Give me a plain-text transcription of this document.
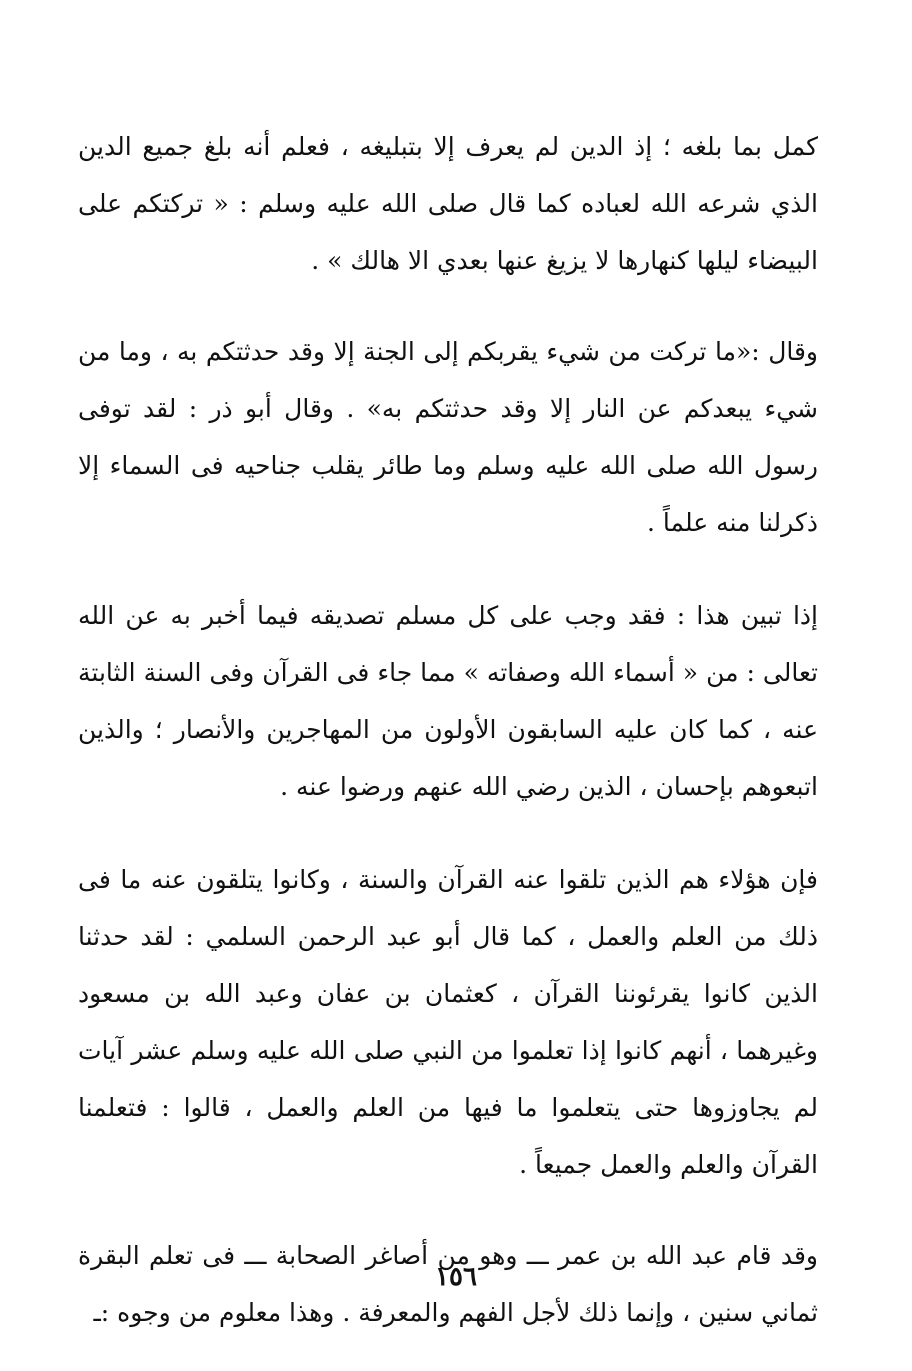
كمل بما بلغه ؛ إذ الدين لم يعرف إلا بتبليغه ، فعلم أنه بلغ جميع الدين الذي شرعه الله لعباده كما قال صلى الله عليه وسلم : « تركتكم على البيضاء ليلها كنهارها لا يزيغ عنها بعدي الا هالك » .

وقال :«ما تركت من شيء يقربكم إلى الجنة إلا وقد حدثتكم به ، وما من شيء يبعدكم عن النار إلا وقد حدثتكم به» . وقال أبو ذر : لقد توفى رسول الله صلى الله عليه وسلم وما طائر يقلب جناحيه فى السماء إلا ذكرلنا منه علماً .

إذا تبين هذا : فقد وجب على كل مسلم تصديقه فيما أخبر به عن الله تعالى : من « أسماء الله وصفاته » مما جاء فى القرآن وفى السنة الثابتة عنه ، كما كان عليه السابقون الأولون من المهاجرين والأنصار ؛ والذين اتبعوهم بإحسان ، الذين رضي الله عنهم ورضوا عنه .

فإن هؤلاء هم الذين تلقوا عنه القرآن والسنة ، وكانوا يتلقون عنه ما فى ذلك من العلم والعمل ، كما قال أبو عبد الرحمن السلمي : لقد حدثنا الذين كانوا يقرئوننا القرآن ، كعثمان بن عفان وعبد الله بن مسعود وغيرهما ، أنهم كانوا إذا تعلموا من النبي صلى الله عليه وسلم عشر آيات لم يجاوزوها حتى يتعلموا ما فيها من العلم والعمل ، قالوا : فتعلمنا القرآن والعلم والعمل جميعاً .

وقد قام عبد الله بن عمر ـــ وهو من أصاغر الصحابة ـــ فى تعلم البقرة ثماني سنين ، وإنما ذلك لأجل الفهم والمعرفة . وهذا معلوم من وجوه :ـ

١٥٦
